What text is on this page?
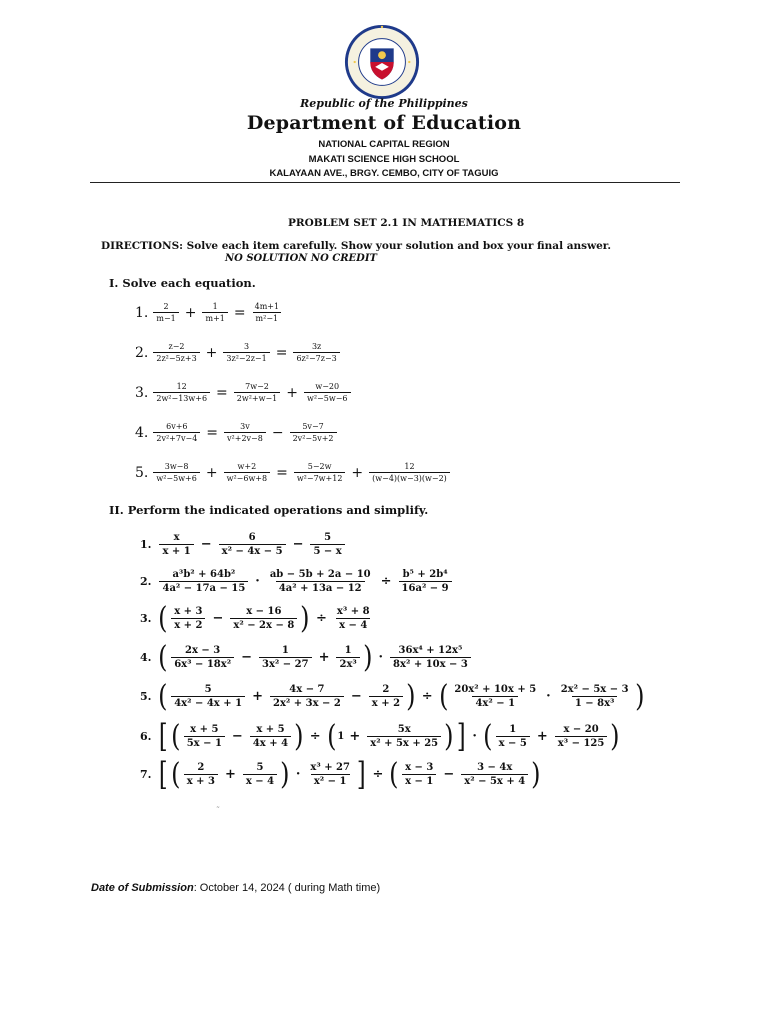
Republic of the Philippines
Department of Education
NATIONAL CAPITAL REGION
MAKATI SCIENCE HIGH SCHOOL
KALAYAAN AVE., BRGY. CEMBO, CITY OF TAGUIG
PROBLEM SET 2.1 IN MATHEMATICS 8
DIRECTIONS: Solve each item carefully. Show your solution and box your final answer.
NO SOLUTION NO CREDIT
I. Solve each equation.
1. $\frac{2}{m-1} + \frac{1}{m+1} = \frac{4m+1}{\text{m²−1}}$
2. $\frac{z-2}{\text{2z²−5z+3}} + \frac{3}{\text{3z²−2z−1}} = \frac{3z}{\text{6z²−7z−3}}$
3. $\frac{12}{\text{2w²−13w+6}} = \frac{7w-2}{\text{2w²+w−1}} + \frac{w-20}{\text{w²−5w−6}}$
4. $\frac{6v+6}{\text{2v²+7v−4}} = \frac{3v}{\text{v²+2v−8}} - \frac{5v-7}{\text{2v²−5v+2}}$
5. $\frac{3w-8}{\text{w²−5w+6}} + \frac{w+2}{\text{w²−6w+8}} = \frac{5-2w}{\text{w²−7w+12}} + \frac{12}{(w-4)(w-3)(w-2)}$
II. Perform the indicated operations and simplify.
1. $\frac{x}{x + 1} - \frac{6}{\text{x² − 4x − 5}} - \frac{5}{5 - x}$
2. $\frac{\text{a³b² + 64b²}}{\text{4a² − 17a − 15}} \cdot \frac{ab - 5b + 2a - 10}{\text{4a² + 13a − 12}} \div \frac{\text{b⁵ + 2b⁴}}{\text{16a² − 9}}$
3. ( $\frac{x + 3}{x + 2} - \frac{x - 16}{\text{x² − 2x − 8}}$ ) ÷ $\frac{\text{x³ + 8}}{x - 4}$
4. ( $\frac{2x - 3}{\text{6x³ − 18x²}} - \frac{1}{\text{3x² − 27}} + \frac{1}{\text{2x³}}$ ) · $\frac{\text{36x⁴ + 12x⁵}}{\text{8x² + 10x − 3}}$
5. ( $\frac{5}{\text{4x² − 4x + 1}} + \frac{4x - 7}{\text{2x² + 3x − 2}} - \frac{2}{x + 2}$ ) ÷ ( $\frac{\text{20x² + 10x + 5}}{\text{4x² − 1}} \cdot \frac{\text{2x² − 5x − 3}}{\text{1 − 8x³}}$ )
6. [ ( $\frac{x + 5}{5x - 1} - \frac{x + 5}{4x + 4}$ ) ÷ ( $1 + \frac{5x}{\text{x² + 5x + 25}}$ ) ] · ( $\frac{1}{x - 5} + \frac{x - 20}{\text{x³ − 125}}$ )
7. [ ( $\frac{2}{x + 3} + \frac{5}{x - 4}$ ) · $\frac{\text{x³ + 27}}{\text{x² − 1}}$ ] ÷ ( $\frac{x - 3}{x - 1} - \frac{3 - 4x}{\text{x² − 5x + 4}}$ )
˜
Date of Submission: October 14, 2024 ( during Math time)
